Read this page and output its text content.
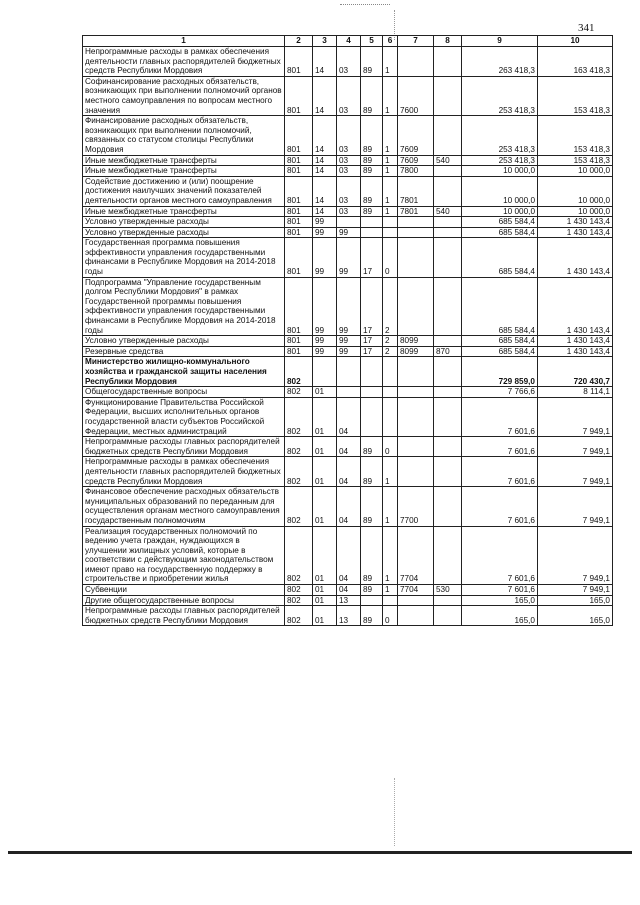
341
1	2	3	4	5	6	7	8	9	10
Непрограммные расходы в рамках обеспечения деятельности главных распорядителей бюджетных средств Республики Мордовия	801	14	03	89	1			263 418,3	163 418,3
Софинансирование расходных обязательств, возникающих при выполнении полномочий органов местного самоуправления по вопросам местного значения	801	14	03	89	1	7600		253 418,3	153 418,3
Финансирование расходных обязательств, возникающих при выполнении полномочий, связанных со статусом столицы Республики Мордовия	801	14	03	89	1	7609		253 418,3	153 418,3
Иные межбюджетные трансферты	801	14	03	89	1	7609	540	253 418,3	153 418,3
Иные межбюджетные трансферты	801	14	03	89	1	7800		10 000,0	10 000,0
Содействие достижению и (или) поощрение достижения наилучших значений показателей деятельности органов местного самоуправления	801	14	03	89	1	7801		10 000,0	10 000,0
Иные межбюджетные трансферты	801	14	03	89	1	7801	540	10 000,0	10 000,0
Условно утвержденные расходы	801	99						685 584,4	1 430 143,4
Условно утвержденные расходы	801	99	99					685 584,4	1 430 143,4
Государственная программа повышения эффективности управления государственными финансами в Республике Мордовия на 2014-2018 годы	801	99	99	17	0			685 584,4	1 430 143,4
Подпрограмма "Управление государственным долгом Республики Мордовия" в рамках Государственной программы повышения эффективности управления государственными финансами в Республике Мордовия на 2014-2018 годы	801	99	99	17	2			685 584,4	1 430 143,4
Условно утвержденные расходы	801	99	99	17	2	8099		685 584,4	1 430 143,4
Резервные средства	801	99	99	17	2	8099	870	685 584,4	1 430 143,4
Министерство жилищно-коммунального хозяйства и гражданской защиты населения Республики Мордовия	802							729 859,0	720 430,7
Общегосударственные вопросы	802	01						7 766,6	8 114,1
Функционирование Правительства Российской Федерации, высших исполнительных органов государственной власти субъектов Российской Федерации, местных администраций	802	01	04					7 601,6	7 949,1
Непрограммные расходы главных распорядителей бюджетных средств Республики Мордовия	802	01	04	89	0			7 601,6	7 949,1
Непрограммные расходы в рамках обеспечения деятельности главных распорядителей бюджетных средств Республики Мордовия	802	01	04	89	1			7 601,6	7 949,1
Финансовое обеспечение расходных обязательств муниципальных образований по переданным для осуществления органам местного самоуправления государственным полномочиям	802	01	04	89	1	7700		7 601,6	7 949,1
Реализация государственных полномочий по ведению учета граждан, нуждающихся в улучшении жилищных условий, которые в соответствии с действующим законодательством имеют право на государственную поддержку в строительстве и приобретении жилья	802	01	04	89	1	7704		7 601,6	7 949,1
Субвенции	802	01	04	89	1	7704	530	7 601,6	7 949,1
Другие общегосударственные вопросы	802	01	13					165,0	165,0
Непрограммные расходы главных распорядителей бюджетных средств Республики Мордовия	802	01	13	89	0			165,0	165,0
